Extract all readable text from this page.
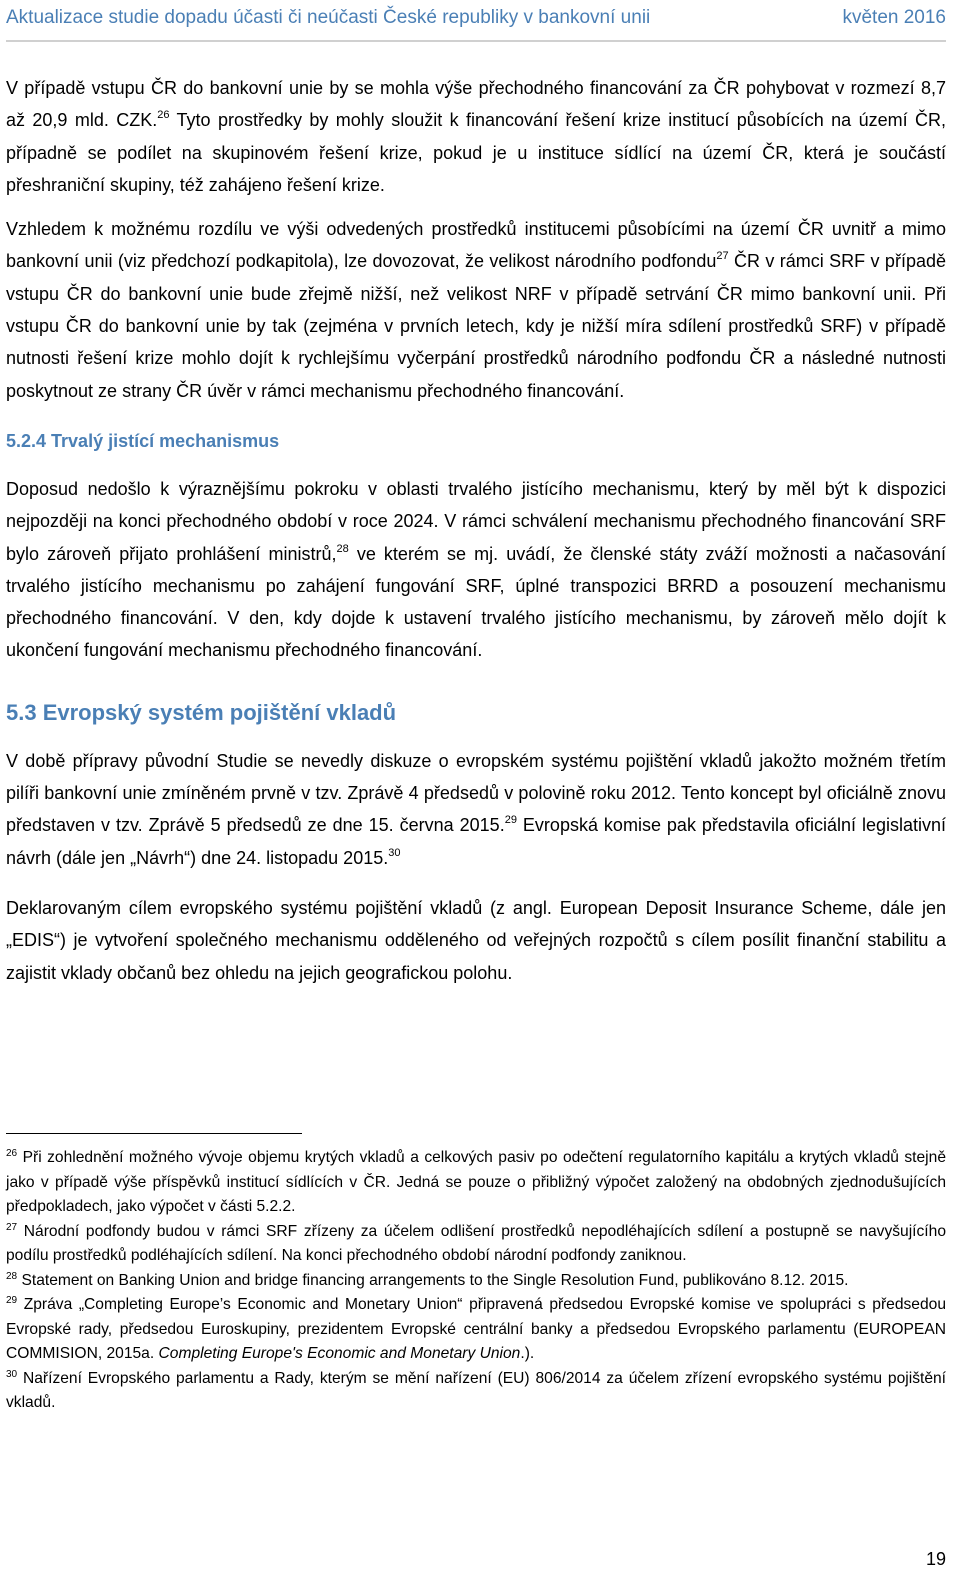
Aktualizace studie dopadu účasti či neúčasti České republiky v bankovní unii	květen 2016

V případě vstupu ČR do bankovní unie by se mohla výše přechodného financování za ČR pohybovat v rozmezí 8,7 až 20,9 mld. CZK.$^{26}$ Tyto prostředky by mohly sloužit k financování řešení krize institucí působících na území ČR, případně se podílet na skupinovém řešení krize, pokud je u instituce sídlící na území ČR, která je součástí přeshraniční skupiny, též zahájeno řešení krize.

Vzhledem k možnému rozdílu ve výši odvedených prostředků institucemi působícími na území ČR uvnitř a mimo bankovní unii (viz předchozí podkapitola), lze dovozovat, že velikost národního podfondu$^{27}$ ČR v rámci SRF v případě vstupu ČR do bankovní unie bude zřejmě nižší, než velikost NRF v případě setrvání ČR mimo bankovní unii. Při vstupu ČR do bankovní unie by tak (zejména v prvních letech, kdy je nižší míra sdílení prostředků SRF) v případě nutnosti řešení krize mohlo dojít k rychlejšímu vyčerpání prostředků národního podfondu ČR a následné nutnosti poskytnout ze strany ČR úvěr v rámci mechanismu přechodného financování.

5.2.4 Trvalý jistící mechanismus

Doposud nedošlo k výraznějšímu pokroku v oblasti trvalého jistícího mechanismu, který by měl být k dispozici nejpozději na konci přechodného období v roce 2024. V rámci schválení mechanismu přechodného financování SRF bylo zároveň přijato prohlášení ministrů,$^{28}$ ve kterém se mj. uvádí, že členské státy zváží možnosti a načasování trvalého jistícího mechanismu po zahájení fungování SRF, úplné transpozici BRRD a posouzení mechanismu přechodného financování. V den, kdy dojde k ustavení trvalého jistícího mechanismu, by zároveň mělo dojít k ukončení fungování mechanismu přechodného financování.

5.3 Evropský systém pojištění vkladů

V době přípravy původní Studie se nevedly diskuze o evropském systému pojištění vkladů jakožto možném třetím pilíři bankovní unie zmíněném prvně v tzv. Zprávě 4 předsedů v polovině roku 2012. Tento koncept byl oficiálně znovu představen v tzv. Zprávě 5 předsedů ze dne 15. června 2015.29 Evropská komise pak představila oficiální legislativní návrh (dále jen „Návrh“) dne 24. listopadu 2015.30

Deklarovaným cílem evropského systému pojištění vkladů (z angl. European Deposit Insurance Scheme, dále jen „EDIS“) je vytvoření společného mechanismu odděleného od veřejných rozpočtů s cílem posílit finanční stabilitu a zajistit vklady občanů bez ohledu na jejich geografickou polohu.

$^{26}$ Při zohlednění možného vývoje objemu krytých vkladů a celkových pasiv po odečtení regulatorního kapitálu a krytých vkladů stejně jako v případě výše příspěvků institucí sídlících v ČR. Jedná se pouze o přibližný výpočet založený na obdobných zjednodušujících předpokladech, jako výpočet v části 5.2.2.

$^{27}$ Národní podfondy budou v rámci SRF zřízeny za účelem odlišení prostředků nepodléhajících sdílení a postupně se navyšujícího podílu prostředků podléhajících sdílení. Na konci přechodného období národní podfondy zaniknou.

$^{28}$ Statement on Banking Union and bridge financing arrangements to the Single Resolution Fund, publikováno 8.12. 2015.

$^{29}$ Zpráva „Completing Europe’s Economic and Monetary Union“ připravená předsedou Evropské komise ve spolupráci s předsedou Evropské rady, předsedou Euroskupiny, prezidentem Evropské centrální banky a předsedou Evropského parlamentu (EUROPEAN COMMISION, 2015a. Completing Europe's Economic and Monetary Union.).

$^{30}$ Nařízení Evropského parlamentu a Rady, kterým se mění nařízení (EU) 806/2014 za účelem zřízení evropského systému pojištění vkladů.

19
